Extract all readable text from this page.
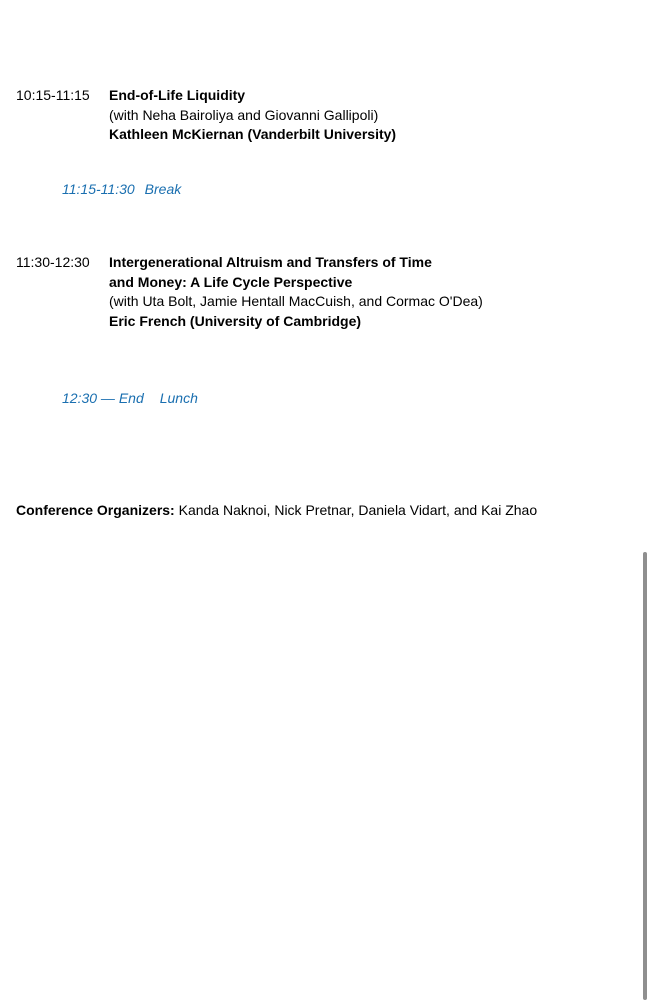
10:15-11:15	End-of-Life Liquidity
(with Neha Bairoliya and Giovanni Gallipoli)
Kathleen McKiernan (Vanderbilt University)
11:15-11:30 Break
11:30-12:30	Intergenerational Altruism and Transfers of Time
and Money: A Life Cycle Perspective
(with Uta Bolt, Jamie Hentall MacCuish, and Cormac O'Dea)
Eric French (University of Cambridge)
12:30 — End Lunch
Conference Organizers: Kanda Naknoi, Nick Pretnar, Daniela Vidart, and Kai Zhao
